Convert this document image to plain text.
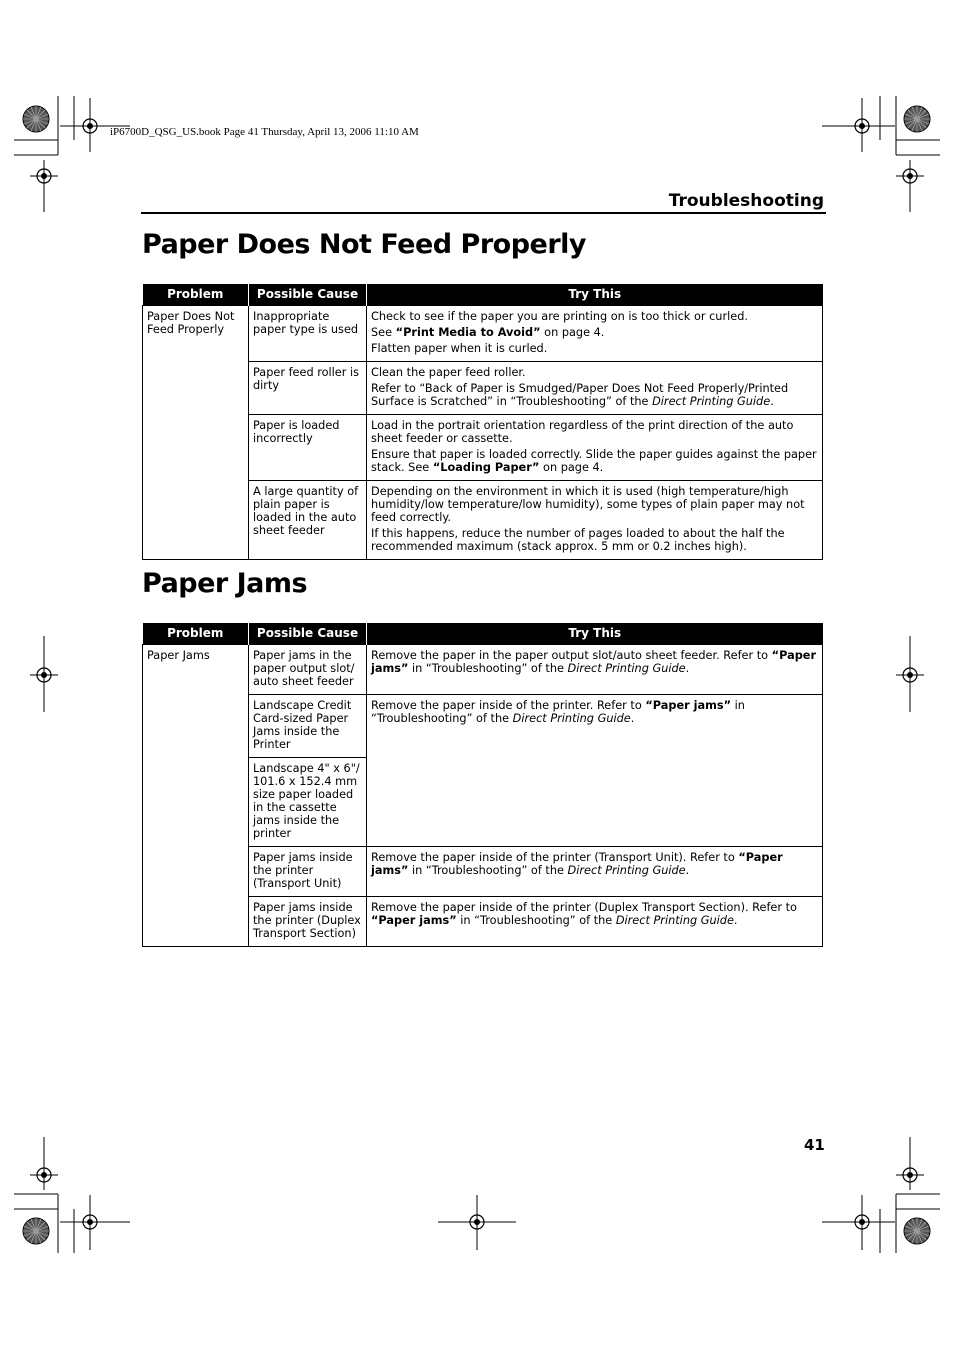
iP6700D_QSG_US.book Page 41 Thursday, April 13, 2006 11:10 AM
Troubleshooting
Paper Does Not Feed Properly
Problem	Possible Cause	Try This
Paper Does Not Feed Properly	Inappropriate paper type is used	Check to see if the paper you are printing on is too thick or curled.

See “Print Media to Avoid” on page 4.

Flatten paper when it is curled.

	Paper feed roller is dirty	Clean the paper feed roller.

Refer to “Back of Paper is Smudged/Paper Does Not Feed Properly/Printed Surface is Scratched” in “Troubleshooting” of the Direct Printing Guide.

	Paper is loaded incorrectly	Load in the portrait orientation regardless of the print direction of the auto sheet feeder or cassette.

Ensure that paper is loaded correctly. Slide the paper guides against the paper stack. See “Loading Paper” on page 4.

	A large quantity of plain paper is loaded in the auto sheet feeder	Depending on the environment in which it is used (high temperature/high humidity/low temperature/low humidity), some types of plain paper may not feed correctly.

If this happens, reduce the number of pages loaded to about the half the recommended maximum (stack approx. 5 mm or 0.2 inches high).

Paper Jams
Problem	Possible Cause	Try This
Paper Jams	Paper jams in the paper output slot/ auto sheet feeder	Remove the paper in the paper output slot/auto sheet feeder. Refer to “Paper jams” in “Troubleshooting” of the Direct Printing Guide.

	Landscape Credit Card-sized Paper Jams inside the Printer	Remove the paper inside of the printer. Refer to “Paper jams” in “Troubleshooting” of the Direct Printing Guide.

	Landscape 4" x 6"/ 101.6 x 152.4 mm size paper loaded in the cassette jams inside the printer	
	Paper jams inside the printer (Transport Unit)	Remove the paper inside of the printer (Transport Unit). Refer to “Paper jams” in “Troubleshooting” of the Direct Printing Guide.

	Paper jams inside the printer (Duplex Transport Section)	Remove the paper inside of the printer (Duplex Transport Section). Refer to “Paper jams” in “Troubleshooting” of the Direct Printing Guide.

41
